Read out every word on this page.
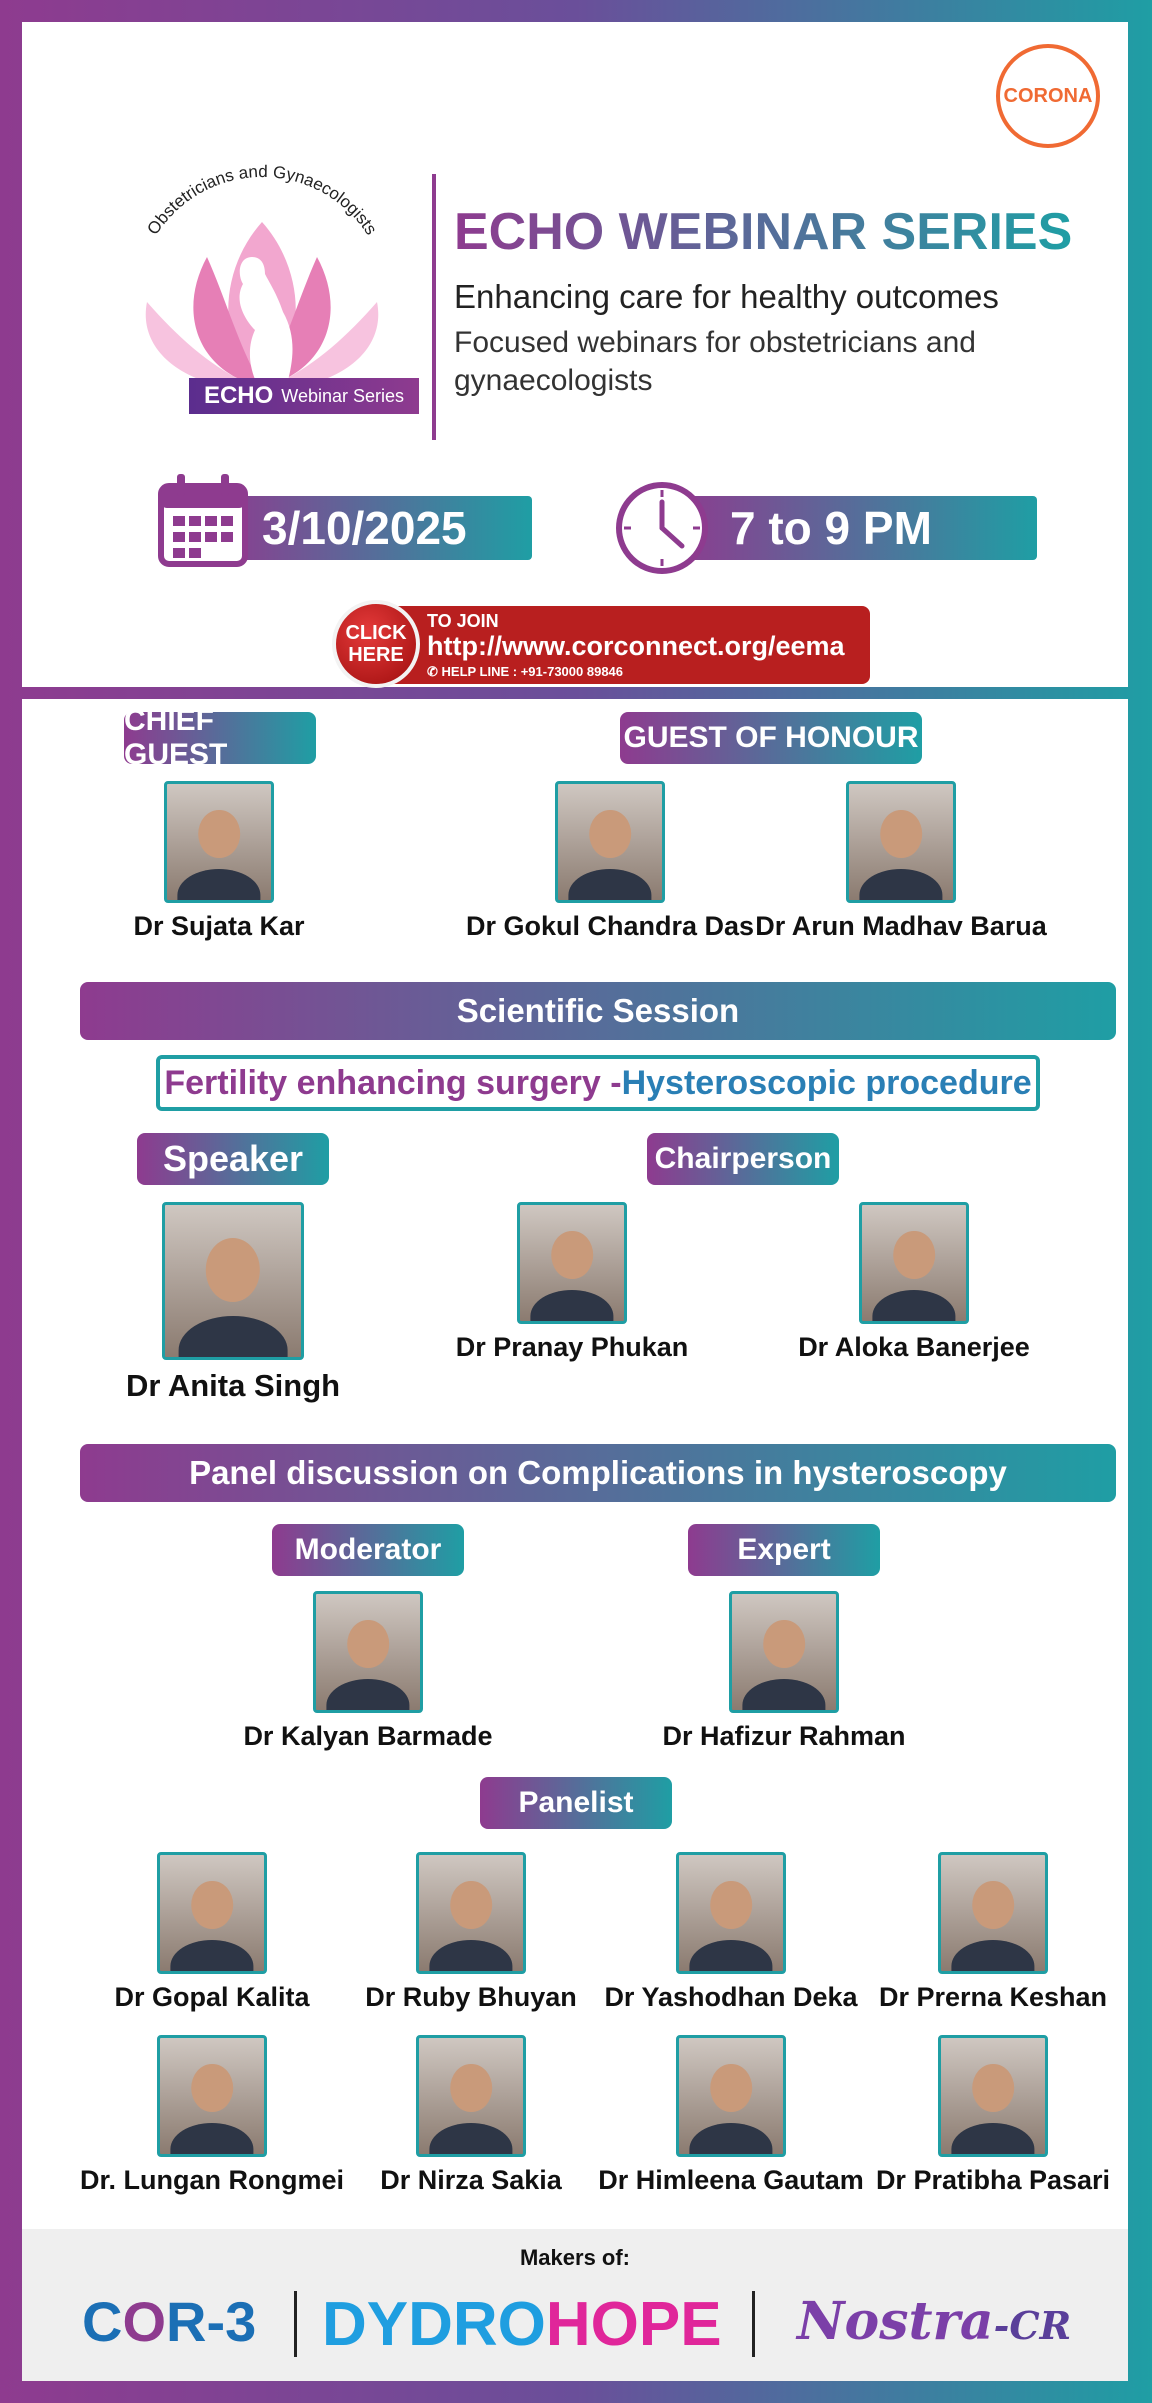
CORONA
Obstetricians and Gynaecologists
ECHO Webinar Series
ECHO WEBINAR SERIES
Enhancing care for healthy outcomes
Focused webinars for obstetricians and gynaecologists
3/10/2025	7 to 9 PM
CLICK
HERE
TO JOIN
http://www.corconnect.org/eema
✆ HELP LINE : +91-73000 89846
CHIEF GUEST
GUEST OF HONOUR
Dr Sujata Kar	Dr Gokul Chandra Das Dr Arun Madhav Barua
Scientific Session
Fertility enhancing surgery - Hysteroscopic procedure
Speaker	Chairperson
Dr Anita Singh
Dr Pranay Phukan	Dr Aloka Banerjee
Panel discussion on Complications in hysteroscopy
Moderator	Expert
Dr Kalyan Barmade	Dr Hafizur Rahman
Panelist
Dr Gopal Kalita	Dr Ruby Bhuyan	Dr Yashodhan Deka Dr Prerna Keshan
Dr. Lungan Rongmei	Dr Nirza Sakia	Dr Himleena Gautam Dr Pratibha Pasari
Makers of:
COR-3 DYDROHOPE Nostra-CR
